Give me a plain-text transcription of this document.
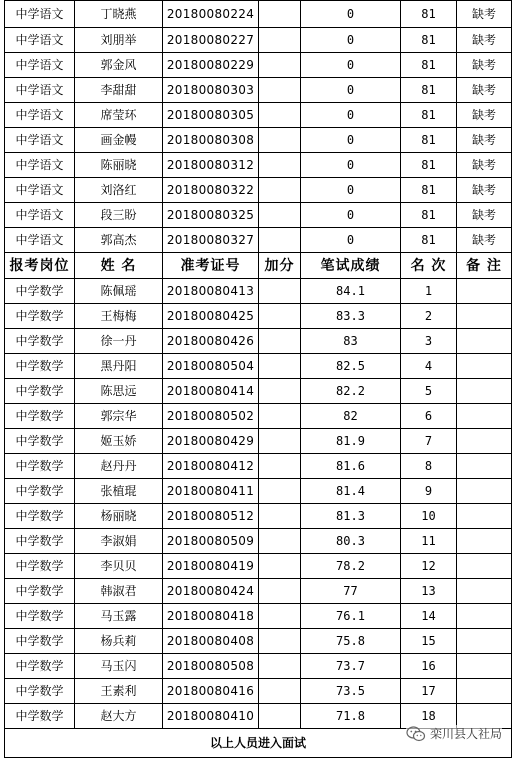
中学语文	丁晓燕	20180080224		0	81	缺考
中学语文	刘朋举	20180080227		0	81	缺考
中学语文	郭金风	20180080229		0	81	缺考
中学语文	李甜甜	20180080303		0	81	缺考
中学语文	席莹环	20180080305		0	81	缺考
中学语文	画金幔	20180080308		0	81	缺考
中学语文	陈丽晓	20180080312		0	81	缺考
中学语文	刘洛红	20180080322		0	81	缺考
中学语文	段三盼	20180080325		0	81	缺考
中学语文	郭高杰	20180080327		0	81	缺考
报考岗位	姓 名	准考证号	加分	笔试成绩	名 次	备 注
中学数学	陈佩瑶	20180080413		84.1	1	
中学数学	王梅梅	20180080425		83.3	2	
中学数学	徐一丹	20180080426		83	3	
中学数学	黑丹阳	20180080504		82.5	4	
中学数学	陈思远	20180080414		82.2	5	
中学数学	郭宗华	20180080502		82	6	
中学数学	姬玉娇	20180080429		81.9	7	
中学数学	赵丹丹	20180080412		81.6	8	
中学数学	张植琨	20180080411		81.4	9	
中学数学	杨丽晓	20180080512		81.3	10	
中学数学	李淑娟	20180080509		80.3	11	
中学数学	李贝贝	20180080419		78.2	12	
中学数学	韩淑君	20180080424		77	13	
中学数学	马玉露	20180080418		76.1	14	
中学数学	杨兵莉	20180080408		75.8	15	
中学数学	马玉闪	20180080508		73.7	16	
中学数学	王素利	20180080416		73.5	17	
中学数学	赵大方	20180080410		71.8	18	
以上人员进入面试						
栾川县人社局
